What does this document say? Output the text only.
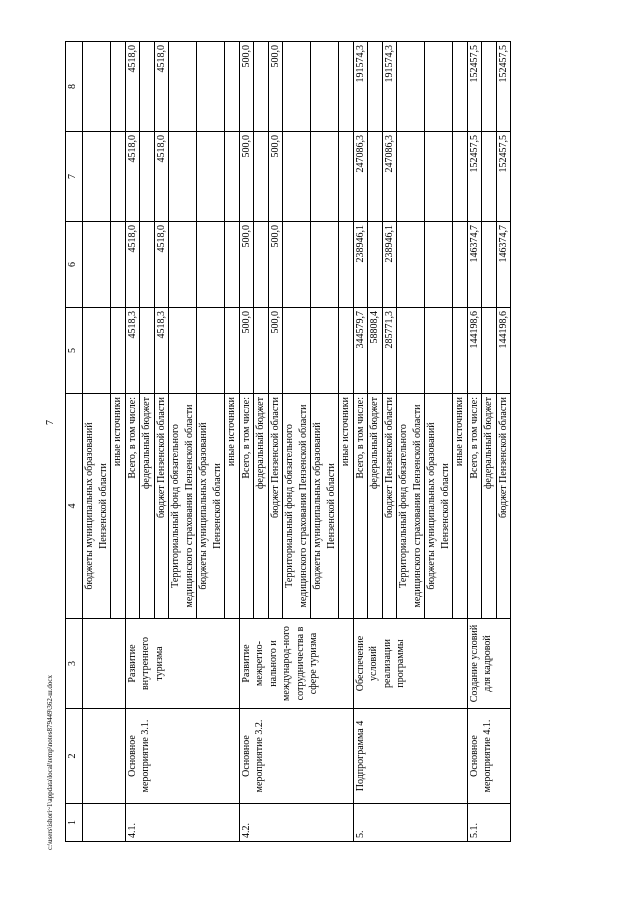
7
c:\users\ishori~1\appdata\local\temp\notes879449\362-ш.docx 1	2	3	4	5	6	7	8
			бюджеты муниципальных образований Пензенской области				
			иные источники				
4.1.	Основное мероприятие 3.1.	Развитие внутреннего туризма	Всего, в том числе:	4518,3	4518,0	4518,0	4518,0
			федеральный бюджет				
			бюджет Пензенской области	4518,3	4518,0	4518,0	4518,0
			Территориальный фонд обязательного медицинского страхования Пензенской области				
			бюджеты муниципальных образований Пензенской области				
			иные источники				
4.2.	Основное мероприятие 3.2.	Развитие межрегио-нального и международ-ного сотрудничества в сфере туризма	Всего, в том числе:	500,0	500,0	500,0	500,0
			федеральный бюджет				
			бюджет Пензенской области	500,0	500,0	500,0	500,0
			Территориальный фонд обязательного медицинского страхования Пензенской области				
			бюджеты муниципальных образований Пензенской области				
			иные источники				
5.	Подпрограмма 4	Обеспечение условий реализации программы	Всего, в том числе:	344579,7	238946,1	247086,3	191574,3
			федеральный бюджет	58808,4			
			бюджет Пензенской области	285771,3	238946,1	247086,3	191574,3
			Территориальный фонд обязательного медицинского страхования Пензенской области				
			бюджеты муниципальных образований Пензенской области				
			иные источники				
5.1.	Основное мероприятие 4.1.	Создание условий для кадровой	Всего, в том числе:	144198,6	146374,7	152457,5	152457,5
			федеральный бюджет				
			бюджет Пензенской области	144198,6	146374,7	152457,5	152457,5
